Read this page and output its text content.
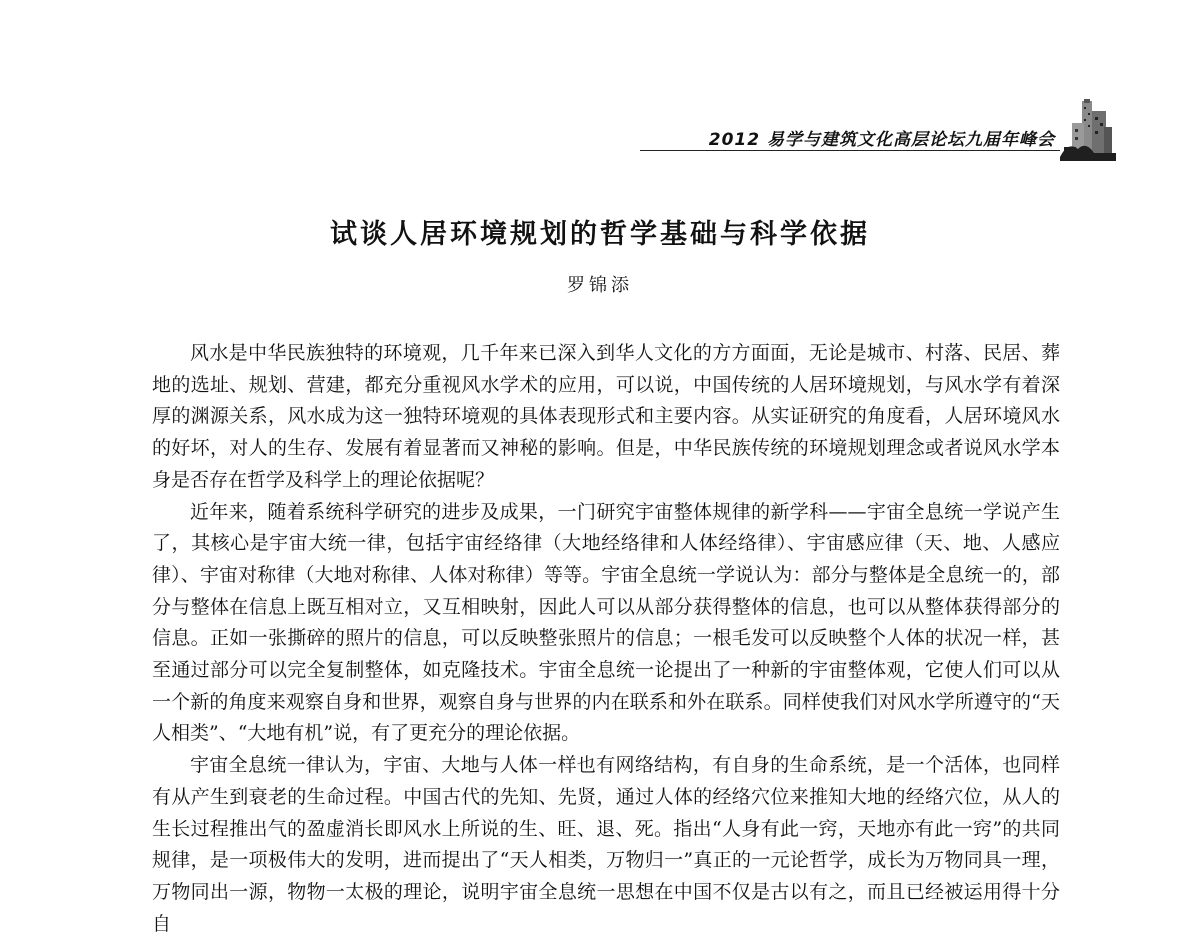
2012 易学与建筑文化高层论坛九届年峰会
试谈人居环境规划的哲学基础与科学依据
罗锦添

风水是中华民族独特的环境观，几千年来已深入到华人文化的方方面面，无论是城市、村落、民居、葬地的选址、规划、营建，都充分重视风水学术的应用，可以说，中国传统的人居环境规划，与风水学有着深厚的渊源关系，风水成为这一独特环境观的具体表现形式和主要内容。从实证研究的角度看，人居环境风水的好坏，对人的生存、发展有着显著而又神秘的影响。但是，中华民族传统的环境规划理念或者说风水学本身是否存在哲学及科学上的理论依据呢？

近年来，随着系统科学研究的进步及成果，一门研究宇宙整体规律的新学科——宇宙全息统一学说产生了，其核心是宇宙大统一律，包括宇宙经络律（大地经络律和人体经络律）、宇宙感应律（天、地、人感应律）、宇宙对称律（大地对称律、人体对称律）等等。宇宙全息统一学说认为：部分与整体是全息统一的，部分与整体在信息上既互相对立，又互相映射，因此人可以从部分获得整体的信息，也可以从整体获得部分的信息。正如一张撕碎的照片的信息，可以反映整张照片的信息；一根毛发可以反映整个人体的状况一样，甚至通过部分可以完全复制整体，如克隆技术。宇宙全息统一论提出了一种新的宇宙整体观，它使人们可以从一个新的角度来观察自身和世界，观察自身与世界的内在联系和外在联系。同样使我们对风水学所遵守的“天人相类”、“大地有机”说，有了更充分的理论依据。

宇宙全息统一律认为，宇宙、大地与人体一样也有网络结构，有自身的生命系统，是一个活体，也同样有从产生到衰老的生命过程。中国古代的先知、先贤，通过人体的经络穴位来推知大地的经络穴位，从人的生长过程推出气的盈虚消长即风水上所说的生、旺、退、死。指出“人身有此一窍，天地亦有此一窍”的共同规律，是一项极伟大的发明，进而提出了“天人相类，万物归一”真正的一元论哲学，成长为万物同具一理，万物同出一源，物物一太极的理论，说明宇宙全息统一思想在中国不仅是古以有之，而且已经被运用得十分自
